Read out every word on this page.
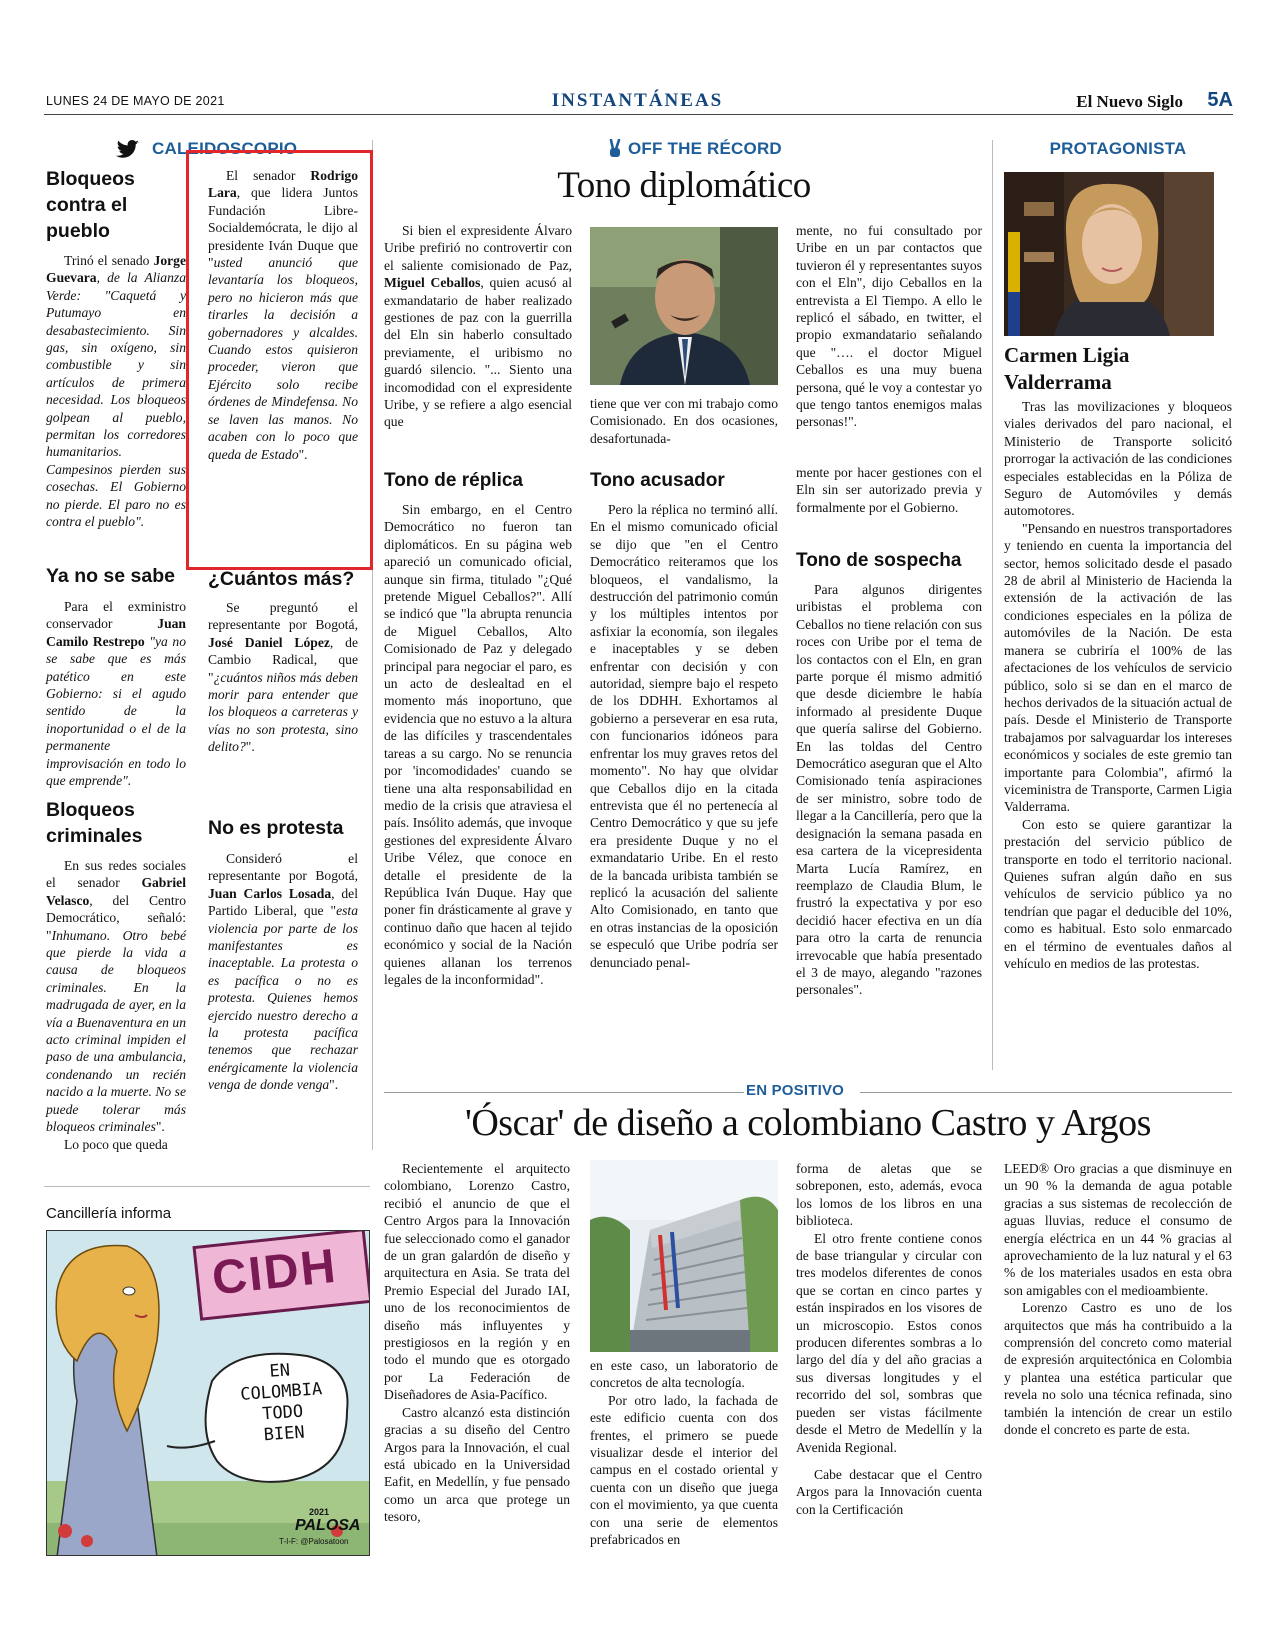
LUNES 24 DE MAYO DE 2021	INSTANTÁNEAS	El Nuevo Siglo 5A
CALEIDOSCOPIO
Bloqueos contra el pueblo

Trinó el senado Jorge Guevara, de la Alianza Verde: "Caquetá y Putumayo en desabastecimiento. Sin gas, sin oxígeno, sin combustible y sin artículos de primera necesidad. Los bloqueos golpean al pueblo, permitan los corredores humanitarios. Campesinos pierden sus cosechas. El Gobierno no pierde. El paro no es contra el pueblo".

Ya no se sabe

Para el exministro conservador Juan Camilo Restrepo "ya no se sabe que es más patético en este Gobierno: si el agudo sentido de la inoportunidad o el de la permanente improvisación en todo lo que emprende".

Bloqueos criminales

En sus redes sociales el senador Gabriel Velasco, del Centro Democrático, señaló: "Inhumano. Otro bebé que pierde la vida a causa de bloqueos criminales. En la madrugada de ayer, en la vía a Buenaventura en un acto criminal impiden el paso de una ambulancia, condenando un recién nacido a la muerte. No se puede tolerar más bloqueos criminales".

Lo poco que queda

El senador Rodrigo Lara, que lidera Juntos Fundación Libre-Socialdemócrata, le dijo al presidente Iván Duque que "usted anunció que levantaría los bloqueos, pero no hicieron más que tirarles la decisión a gobernadores y alcaldes. Cuando estos quisieron proceder, vieron que Ejército solo recibe órdenes de Mindefensa. No se laven las manos. No acaben con lo poco que queda de Estado".

¿Cuántos más?

Se preguntó el representante por Bogotá, José Daniel López, de Cambio Radical, que "¿cuántos niños más deben morir para entender que los bloqueos a carreteras y vías no son protesta, sino delito?".

No es protesta

Consideró el representante por Bogotá, Juan Carlos Losada, del Partido Liberal, que "esta violencia por parte de los manifestantes es inaceptable. La protesta o es pacífica o no es protesta. Quienes hemos ejercido nuestro derecho a la protesta pacífica tenemos que rechazar enérgicamente la violencia venga de donde venga".

Cancillería informa
CIDH
EN
COLOMBIA
TODO
BIEN
2021
PALOSA
T-I-F: @Palosatoon
OFF THE RÉCORD
Tono diplomático

Si bien el expresidente Álvaro Uribe prefirió no controvertir con el saliente comisionado de Paz, Miguel Ceballos, quien acusó al exmandatario de haber realizado gestiones de paz con la guerrilla del Eln sin haberlo consultado previamente, el uribismo no guardó silencio. "... Siento una incomodidad con el expresidente Uribe, y se refiere a algo esencial que

Tono de réplica

Sin embargo, en el Centro Democrático no fueron tan diplomáticos. En su página web apareció un comunicado oficial, aunque sin firma, titulado "¿Qué pretende Miguel Ceballos?". Allí se indicó que "la abrupta renuncia de Miguel Ceballos, Alto Comisionado de Paz y delegado principal para negociar el paro, es un acto de deslealtad en el momento más inoportuno, que evidencia que no estuvo a la altura de las difíciles y trascendentales tareas a su cargo. No se renuncia por 'incomodidades' cuando se tiene una alta responsabilidad en medio de la crisis que atraviesa el país. Insólito además, que invoque gestiones del expresidente Álvaro Uribe Vélez, que conoce en detalle el presidente de la República Iván Duque. Hay que poner fin drásticamente al grave y continuo daño que hacen al tejido económico y social de la Nación quienes allanan los terrenos legales de la inconformidad".

tiene que ver con mi trabajo como Comisionado. En dos ocasiones, desafortunada-

Tono acusador

Pero la réplica no terminó allí. En el mismo comunicado oficial se dijo que "en el Centro Democrático reiteramos que los bloqueos, el vandalismo, la destrucción del patrimonio común y los múltiples intentos por asfixiar la economía, son ilegales e inaceptables y se deben enfrentar con decisión y con autoridad, siempre bajo el respeto de los DDHH. Exhortamos al gobierno a perseverar en esa ruta, con funcionarios idóneos para enfrentar los muy graves retos del momento". No hay que olvidar que Ceballos dijo en la citada entrevista que él no pertenecía al Centro Democrático y que su jefe era presidente Duque y no el exmandatario Uribe. En el resto de la bancada uribista también se replicó la acusación del saliente Alto Comisionado, en tanto que en otras instancias de la oposición se especuló que Uribe podría ser denunciado penal-

mente, no fui consultado por Uribe en un par contactos que tuvieron él y representantes suyos con el Eln", dijo Ceballos en la entrevista a El Tiempo. A ello le replicó el sábado, en twitter, el propio exmandatario señalando que "…. el doctor Miguel Ceballos es una muy buena persona, qué le voy a contestar yo que tengo tantos enemigos malas personas!".

mente por hacer gestiones con el Eln sin ser autorizado previa y formalmente por el Gobierno.

Tono de sospecha

Para algunos dirigentes uribistas el problema con Ceballos no tiene relación con sus roces con Uribe por el tema de los contactos con el Eln, en gran parte porque él mismo admitió que desde diciembre le había informado al presidente Duque que quería salirse del Gobierno. En las toldas del Centro Democrático aseguran que el Alto Comisionado tenía aspiraciones de ser ministro, sobre todo de llegar a la Cancillería, pero que la designación la semana pasada en esa cartera de la vicepresidenta Marta Lucía Ramírez, en reemplazo de Claudia Blum, le frustró la expectativa y por eso decidió hacer efectiva en un día para otro la carta de renuncia irrevocable que había presentado el 3 de mayo, alegando "razones personales".

PROTAGONISTA
Carmen Ligia Valderrama

Tras las movilizaciones y bloqueos viales derivados del paro nacional, el Ministerio de Transporte solicitó prorrogar la activación de las condiciones especiales establecidas en la Póliza de Seguro de Automóviles y demás automotores.

"Pensando en nuestros transportadores y teniendo en cuenta la importancia del sector, hemos solicitado desde el pasado 28 de abril al Ministerio de Hacienda la extensión de la activación de las condiciones especiales en la póliza de automóviles de la Nación. De esta manera se cubriría el 100% de las afectaciones de los vehículos de servicio público, solo si se dan en el marco de hechos derivados de la situación actual de país. Desde el Ministerio de Transporte trabajamos por salvaguardar los intereses económicos y sociales de este gremio tan importante para Colombia", afirmó la viceministra de Transporte, Carmen Ligia Valderrama.

Con esto se quiere garantizar la prestación del servicio público de transporte en todo el territorio nacional. Quienes sufran algún daño en sus vehículos de servicio público ya no tendrían que pagar el deducible del 10%, como es habitual. Esto solo enmarcado en el término de eventuales daños al vehículo en medios de las protestas.

EN POSITIVO
'Óscar' de diseño a colombiano Castro y Argos

Recientemente el arquitecto colombiano, Lorenzo Castro, recibió el anuncio de que el Centro Argos para la Innovación fue seleccionado como el ganador de un gran galardón de diseño y arquitectura en Asia. Se trata del Premio Especial del Jurado IAI, uno de los reconocimientos de diseño más influyentes y prestigiosos en la región y en todo el mundo que es otorgado por La Federación de Diseñadores de Asia-Pacífico.

Castro alcanzó esta distinción gracias a su diseño del Centro Argos para la Innovación, el cual está ubicado en la Universidad Eafit, en Medellín, y fue pensado como un arca que protege un tesoro,

en este caso, un laboratorio de concretos de alta tecnología.

Por otro lado, la fachada de este edificio cuenta con dos frentes, el primero se puede visualizar desde el interior del campus en el costado oriental y cuenta con un diseño que juega con el movimiento, ya que cuenta con una serie de elementos prefabricados en

forma de aletas que se sobreponen, esto, además, evoca los lomos de los libros en una biblioteca.

El otro frente contiene conos de base triangular y circular con tres modelos diferentes de conos que se cortan en cinco partes y están inspirados en los visores de un microscopio. Estos conos producen diferentes sombras a lo largo del día y del año gracias a sus diversas longitudes y el recorrido del sol, sombras que pueden ser vistas fácilmente desde el Metro de Medellín y la Avenida Regional.

Cabe destacar que el Centro Argos para la Innovación cuenta con la Certificación

LEED® Oro gracias a que disminuye en un 90 % la demanda de agua potable gracias a sus sistemas de recolección de aguas lluvias, reduce el consumo de energía eléctrica en un 44 % gracias al aprovechamiento de la luz natural y el 63 % de los materiales usados en esta obra son amigables con el medioambiente.

Lorenzo Castro es uno de los arquitectos que más ha contribuido a la comprensión del concreto como material de expresión arquitectónica en Colombia y plantea una estética particular que revela no solo una técnica refinada, sino también la intención de crear un estilo donde el concreto es parte de esta.
